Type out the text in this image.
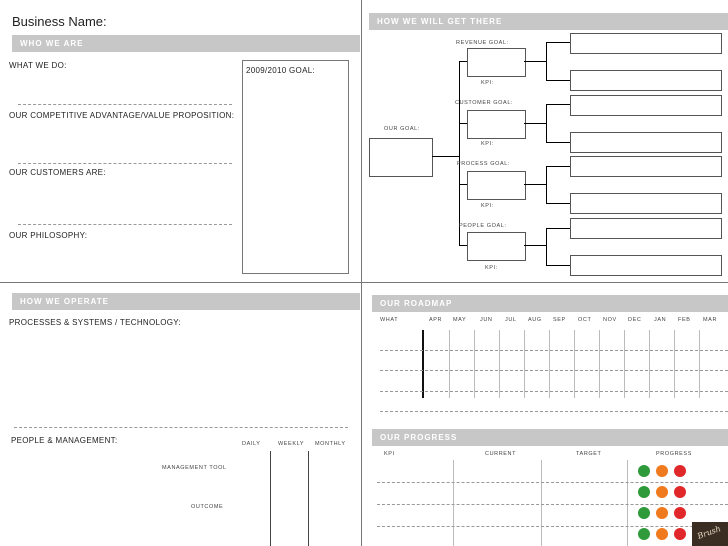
Business Name:
WHO WE ARE
WHAT WE DO:
2009/2010 GOAL:
OUR COMPETITIVE ADVANTAGE/VALUE PROPOSITION:
OUR CUSTOMERS ARE:
OUR PHILOSOPHY:
HOW WE WILL GET THERE
OUR GOAL:
REVENUE GOAL:
KPI:
CUSTOMER GOAL:
KPI:
PROCESS GOAL:
KPI:
PEOPLE GOAL:
KPI:
HOW WE OPERATE
PROCESSES & SYSTEMS / TECHNOLOGY:
PEOPLE & MANAGEMENT:	DAILY	WEEKLY MONTHLY
MANAGEMENT TOOL
OUTCOME
OUR ROADMAP
WHAT	APR MAY JUN JUL AUG SEP OCT NOV DEC JAN FEB MAR
OUR PROGRESS
KPI	CURRENT	TARGET	PROGRESS
Brush
